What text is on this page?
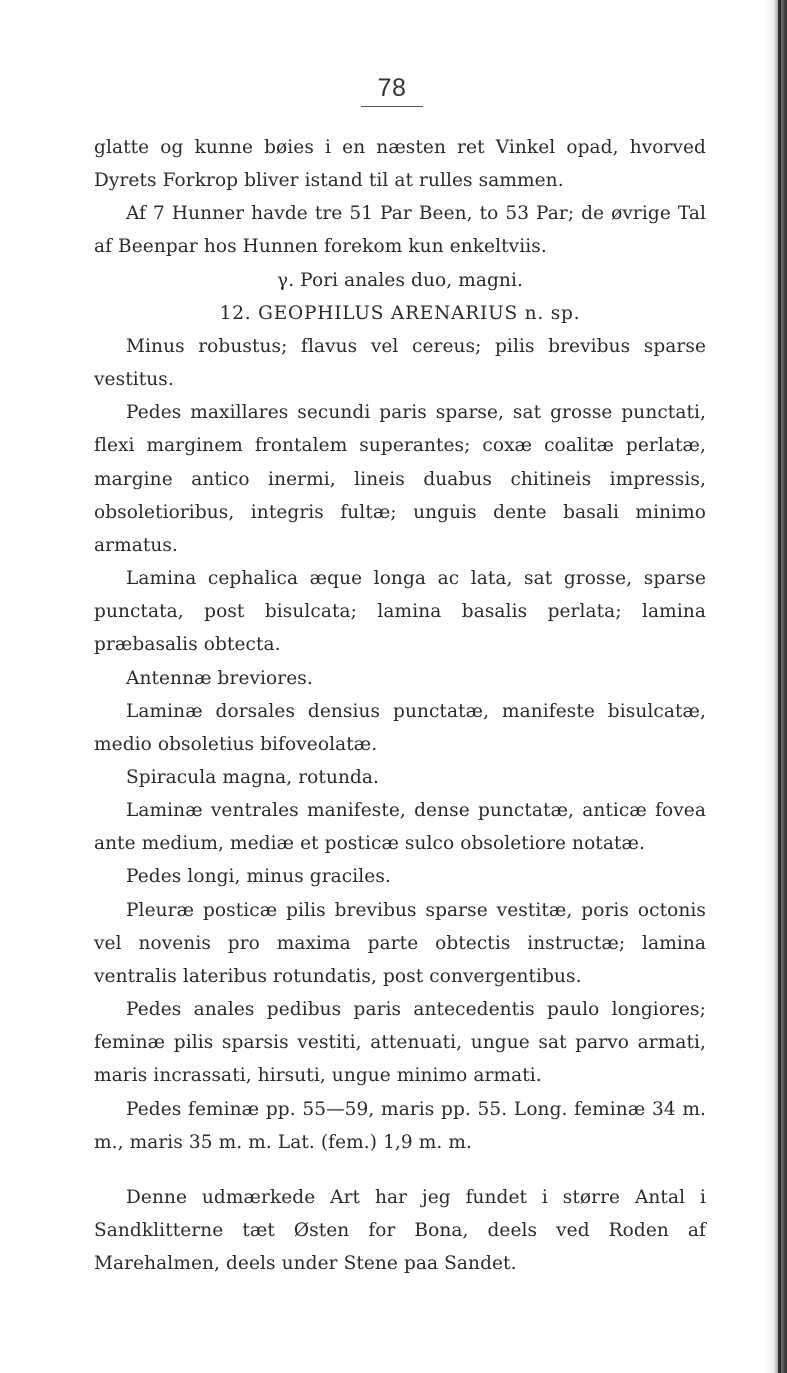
78

glatte og kunne bøies i en næsten ret Vinkel opad, hvorved Dyrets Forkrop bliver istand til at rulles sammen.

Af 7 Hunner havde tre 51 Par Been, to 53 Par; de øvrige Tal af Beenpar hos Hunnen forekom kun enkeltviis.

γ. Pori anales duo, magni.

12. GEOPHILUS ARENARIUS n. sp.

Minus robustus; flavus vel cereus; pilis brevibus sparse vestitus.

Pedes maxillares secundi paris sparse, sat grosse punctati, flexi marginem frontalem superantes; coxæ coalitæ perlatæ, margine antico inermi, lineis duabus chitineis impressis, obsoletioribus, integris fultæ; unguis dente basali minimo armatus.

Lamina cephalica æque longa ac lata, sat grosse, sparse punctata, post bisulcata; lamina basalis perlata; lamina præbasalis obtecta.

Antennæ breviores.

Laminæ dorsales densius punctatæ, manifeste bisulcatæ, medio obsoletius bifoveolatæ.

Spiracula magna, rotunda.

Laminæ ventrales manifeste, dense punctatæ, anticæ fovea ante medium, mediæ et posticæ sulco obsoletiore notatæ.

Pedes longi, minus graciles.

Pleuræ posticæ pilis brevibus sparse vestitæ, poris octonis vel novenis pro maxima parte obtectis instructæ; lamina ventralis lateribus rotundatis, post convergentibus.

Pedes anales pedibus paris antecedentis paulo longiores; feminæ pilis sparsis vestiti, attenuati, ungue sat parvo armati, maris incrassati, hirsuti, ungue minimo armati.

Pedes feminæ pp. 55—59, maris pp. 55. Long. feminæ 34 m. m., maris 35 m. m. Lat. (fem.) 1,9 m. m.

Denne udmærkede Art har jeg fundet i større Antal i Sandklitterne tæt Østen for Bona, deels ved Roden af Marehalmen, deels under Stene paa Sandet.
